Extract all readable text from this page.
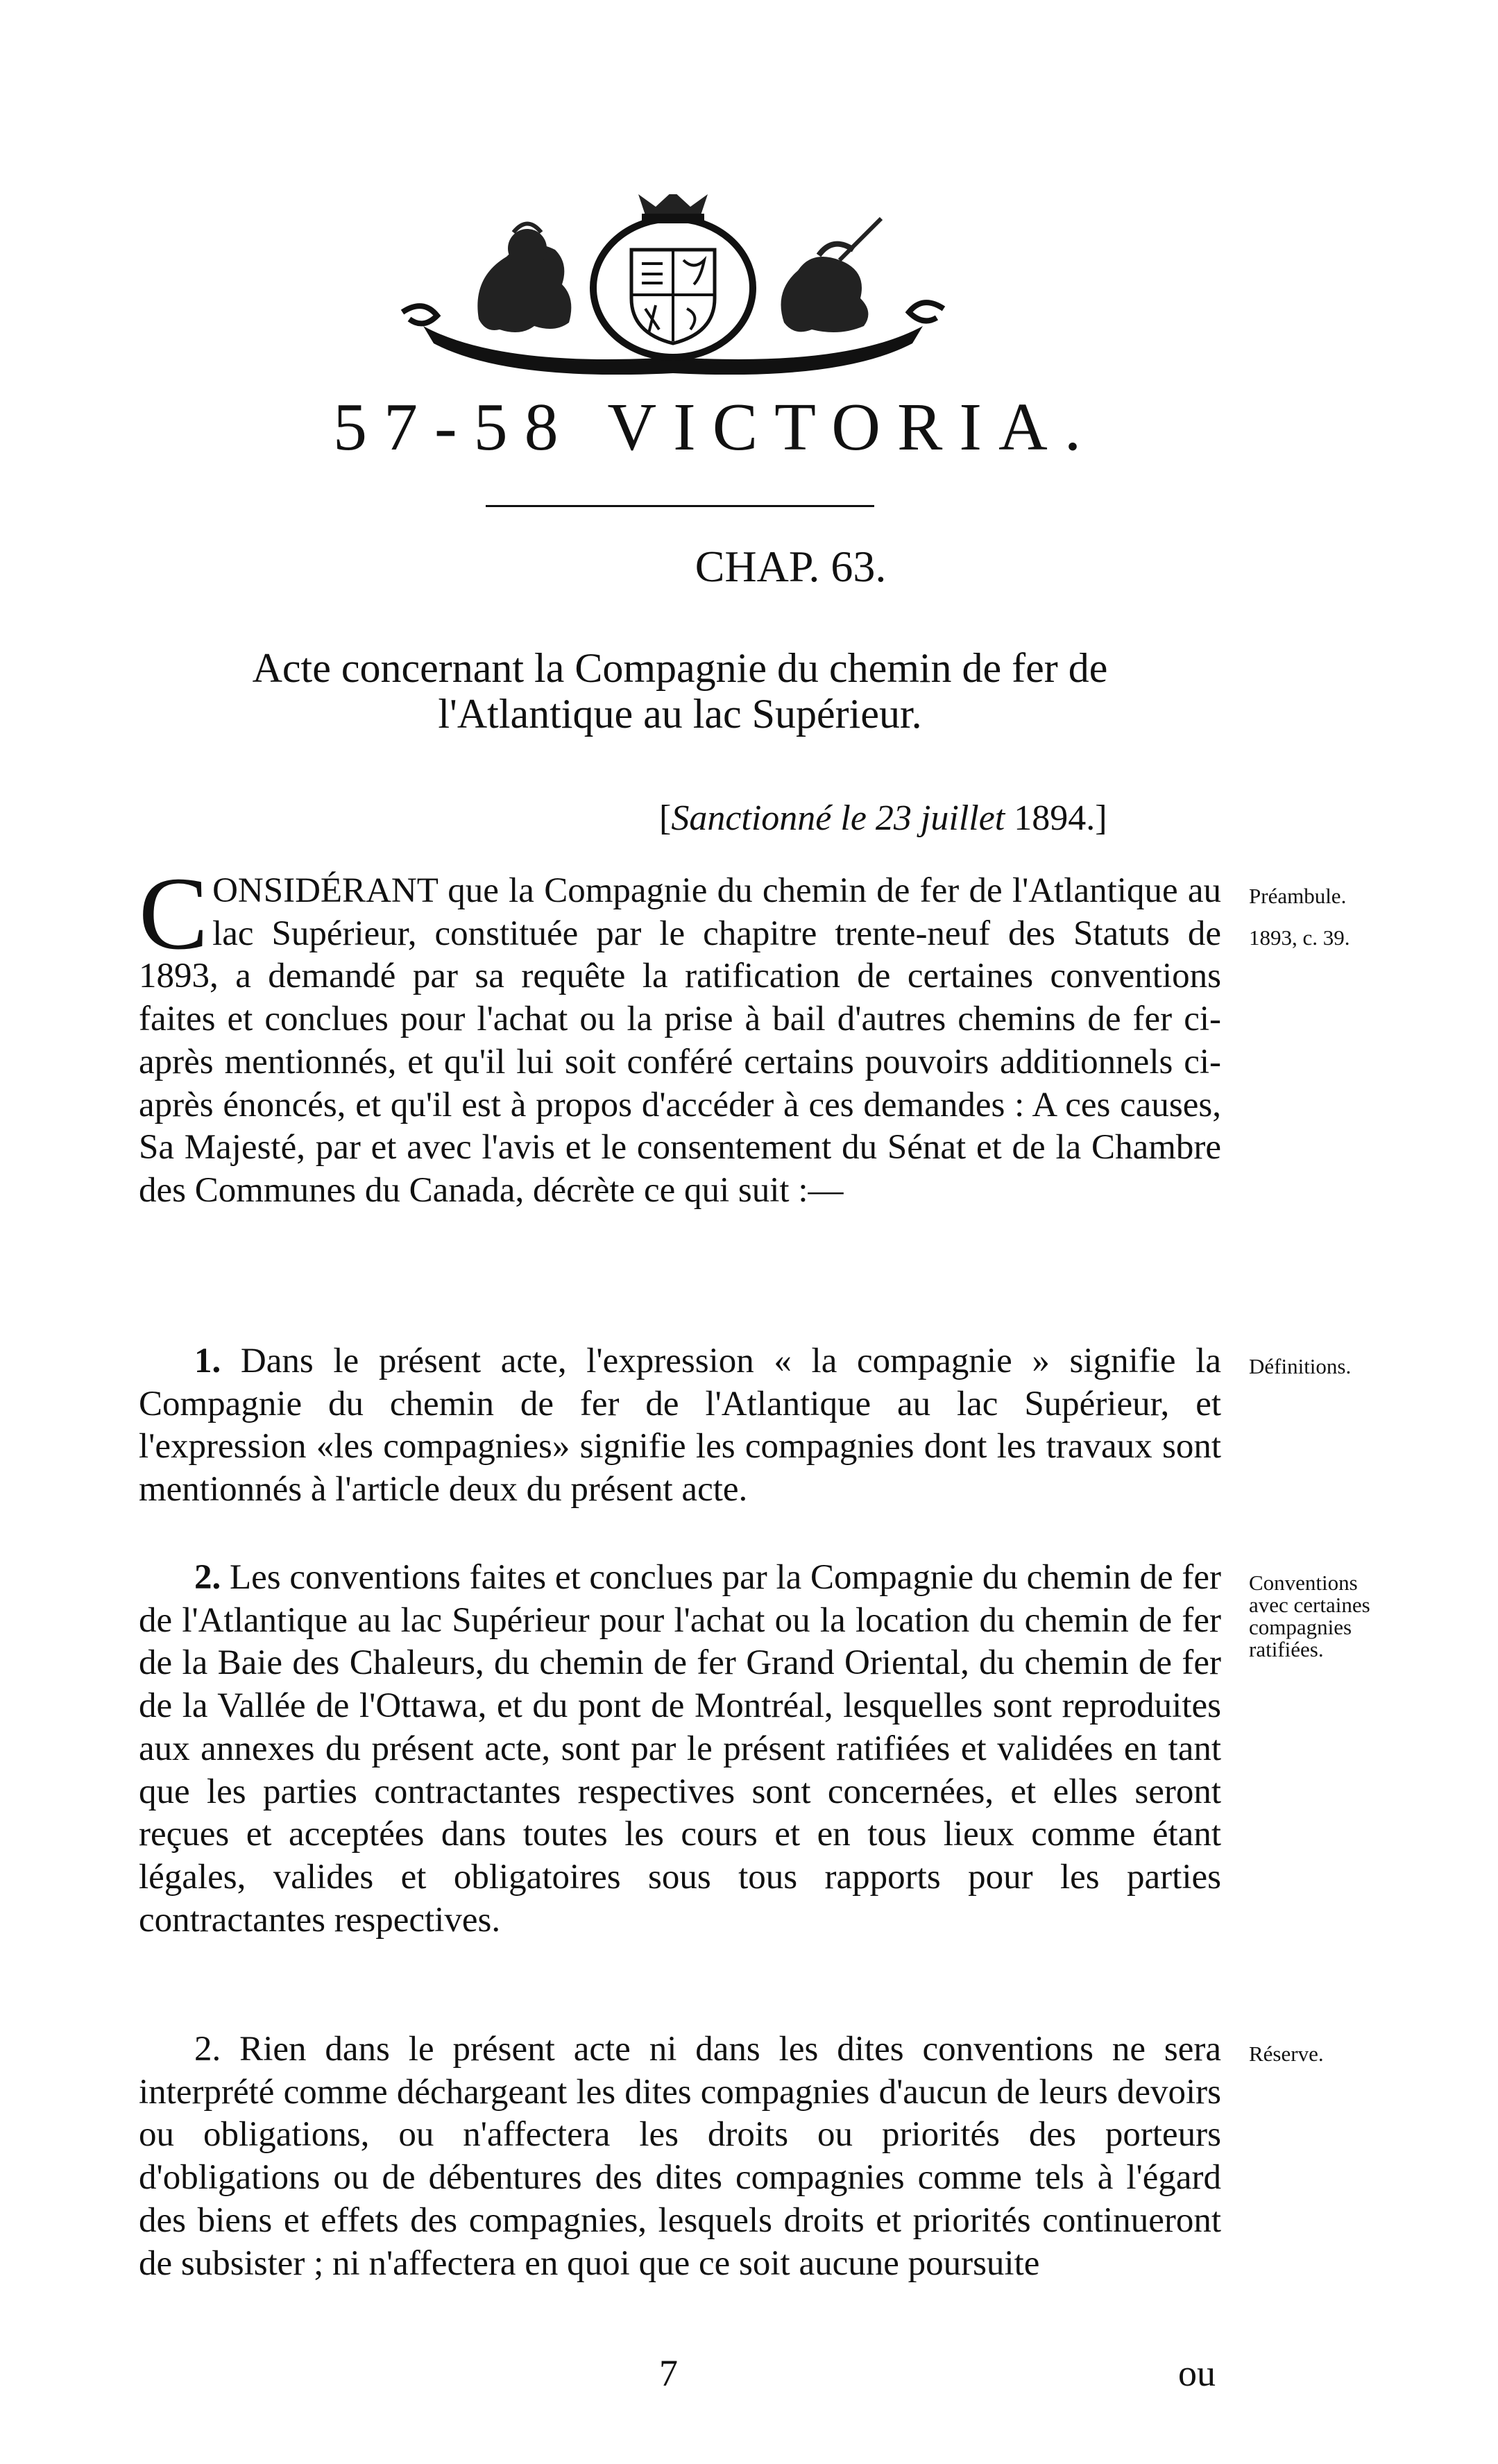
57-58 VICTORIA.
CHAP. 63.
Acte concernant la Compagnie du chemin de fer de
l'Atlantique au lac Supérieur.
[Sanctionné le 23 juillet 1894.]

CONSIDÉRANT que la Compagnie du chemin de fer de l'Atlantique au lac Supérieur, constituée par le chapitre trente-neuf des Statuts de 1893, a demandé par sa requête la ratification de certaines conventions faites et conclues pour l'achat ou la prise à bail d'autres chemins de fer ci-après mentionnés, et qu'il lui soit conféré certains pouvoirs additionnels ci-après énoncés, et qu'il est à propos d'accéder à ces demandes : A ces causes, Sa Majesté, par et avec l'avis et le consentement du Sénat et de la Chambre des Communes du Canada, décrète ce qui suit :—

1. Dans le présent acte, l'expression « la compagnie » signifie la Compagnie du chemin de fer de l'Atlantique au lac Supérieur, et l'expression «les compagnies» signifie les compagnies dont les travaux sont mentionnés à l'article deux du présent acte.

2. Les conventions faites et conclues par la Compagnie du chemin de fer de l'Atlantique au lac Supérieur pour l'achat ou la location du chemin de fer de la Baie des Chaleurs, du chemin de fer Grand Oriental, du chemin de fer de la Vallée de l'Ottawa, et du pont de Montréal, lesquelles sont reproduites aux annexes du présent acte, sont par le présent ratifiées et validées en tant que les parties contractantes respectives sont concernées, et elles seront reçues et acceptées dans toutes les cours et en tous lieux comme étant légales, valides et obligatoires sous tous rapports pour les parties contractantes respectives.

2. Rien dans le présent acte ni dans les dites conventions ne sera interprété comme déchargeant les dites compagnies d'aucun de leurs devoirs ou obligations, ou n'affectera les droits ou priorités des porteurs d'obligations ou de débentures des dites compagnies comme tels à l'égard des biens et effets des compagnies, lesquels droits et priorités continueront de subsister ; ni n'affectera en quoi que ce soit aucune poursuite

Préambule.
1893, c. 39.
Définitions.
Conventions
avec certaines
compagnies
ratifiées.
Réserve.
7	ou
